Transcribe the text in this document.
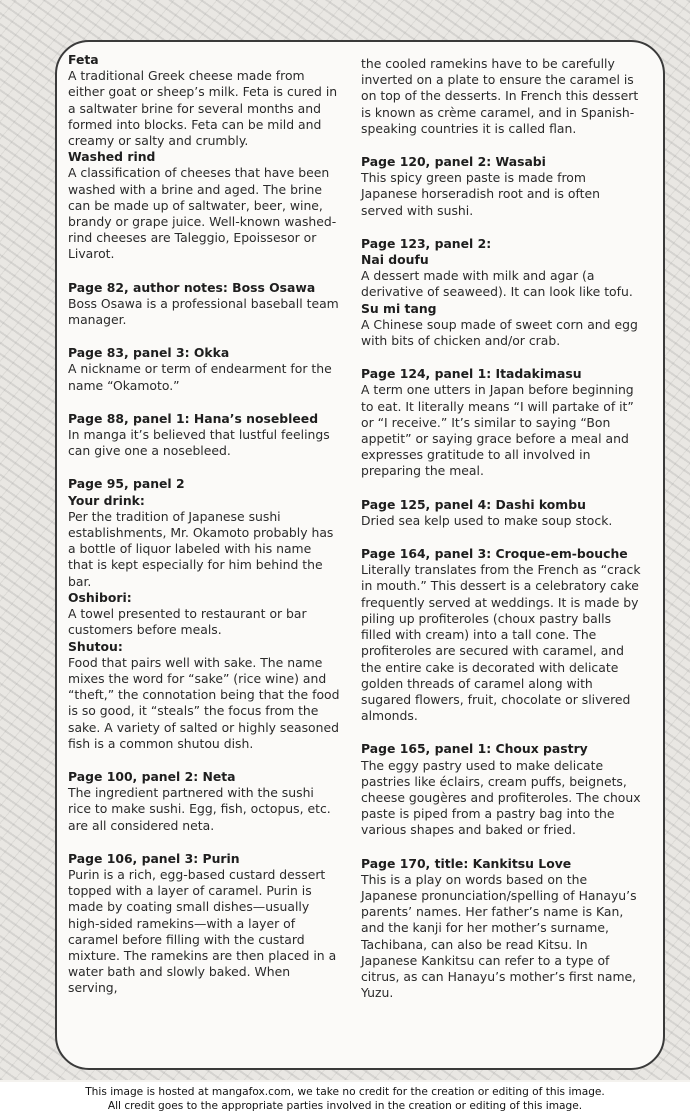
Feta
A traditional Greek cheese made from either goat or sheep’s milk. Feta is cured in a saltwater brine for several months and formed into blocks. Feta can be mild and creamy or salty and crumbly.
Washed rind
A classification of cheeses that have been washed with a brine and aged. The brine can be made up of saltwater, beer, wine, brandy or grape juice. Well-known washed-rind cheeses are Taleggio, Epoissesor or Livarot.
Page 82, author notes: Boss Osawa
Boss Osawa is a professional baseball team manager.
Page 83, panel 3: Okka
A nickname or term of endearment for the name “Okamoto.”
Page 88, panel 1: Hana’s nosebleed
In manga it’s believed that lustful feelings can give one a nosebleed.
Page 95, panel 2
Your drink:
Per the tradition of Japanese sushi establishments, Mr. Okamoto probably has a bottle of liquor labeled with his name that is kept especially for him behind the bar.
Oshibori:
A towel presented to restaurant or bar customers before meals.
Shutou:
Food that pairs well with sake. The name mixes the word for “sake” (rice wine) and “theft,” the connotation being that the food is so good, it “steals” the focus from the sake. A variety of salted or highly seasoned fish is a common shutou dish.
Page 100, panel 2: Neta
The ingredient partnered with the sushi rice to make sushi. Egg, fish, octopus, etc. are all considered neta.
Page 106, panel 3: Purin
Purin is a rich, egg-based custard dessert topped with a layer of caramel. Purin is made by coating small dishes—usually high-sided ramekins—with a layer of caramel before filling with the custard mixture. The ramekins are then placed in a water bath and slowly baked. When serving,
the cooled ramekins have to be carefully inverted on a plate to ensure the caramel is on top of the desserts. In French this dessert is known as crème caramel, and in Spanish-speaking countries it is called flan.
Page 120, panel 2: Wasabi
This spicy green paste is made from Japanese horseradish root and is often served with sushi.
Page 123, panel 2:
Nai doufu
A dessert made with milk and agar (a derivative of seaweed). It can look like tofu.
Su mi tang
A Chinese soup made of sweet corn and egg with bits of chicken and/or crab.
Page 124, panel 1: Itadakimasu
A term one utters in Japan before beginning to eat. It literally means “I will partake of it” or “I receive.” It’s similar to saying “Bon appetit” or saying grace before a meal and expresses gratitude to all involved in preparing the meal.
Page 125, panel 4: Dashi kombu
Dried sea kelp used to make soup stock.
Page 164, panel 3: Croque-em-bouche
Literally translates from the French as “crack in mouth.” This dessert is a celebratory cake frequently served at weddings. It is made by piling up profiteroles (choux pastry balls filled with cream) into a tall cone. The profiteroles are secured with caramel, and the entire cake is decorated with delicate golden threads of caramel along with sugared flowers, fruit, chocolate or slivered almonds.
Page 165, panel 1: Choux pastry
The eggy pastry used to make delicate pastries like éclairs, cream puffs, beignets, cheese gougères and profiteroles. The choux paste is piped from a pastry bag into the various shapes and baked or fried.
Page 170, title: Kankitsu Love
This is a play on words based on the Japanese pronunciation/spelling of Hanayu’s parents’ names. Her father’s name is Kan, and the kanji for her mother’s surname, Tachibana, can also be read Kitsu. In Japanese Kankitsu can refer to a type of citrus, as can Hanayu’s mother’s first name, Yuzu.
This image is hosted at mangafox.com, we take no credit for the creation or editing of this image.
All credit goes to the appropriate parties involved in the creation or editing of this image.
